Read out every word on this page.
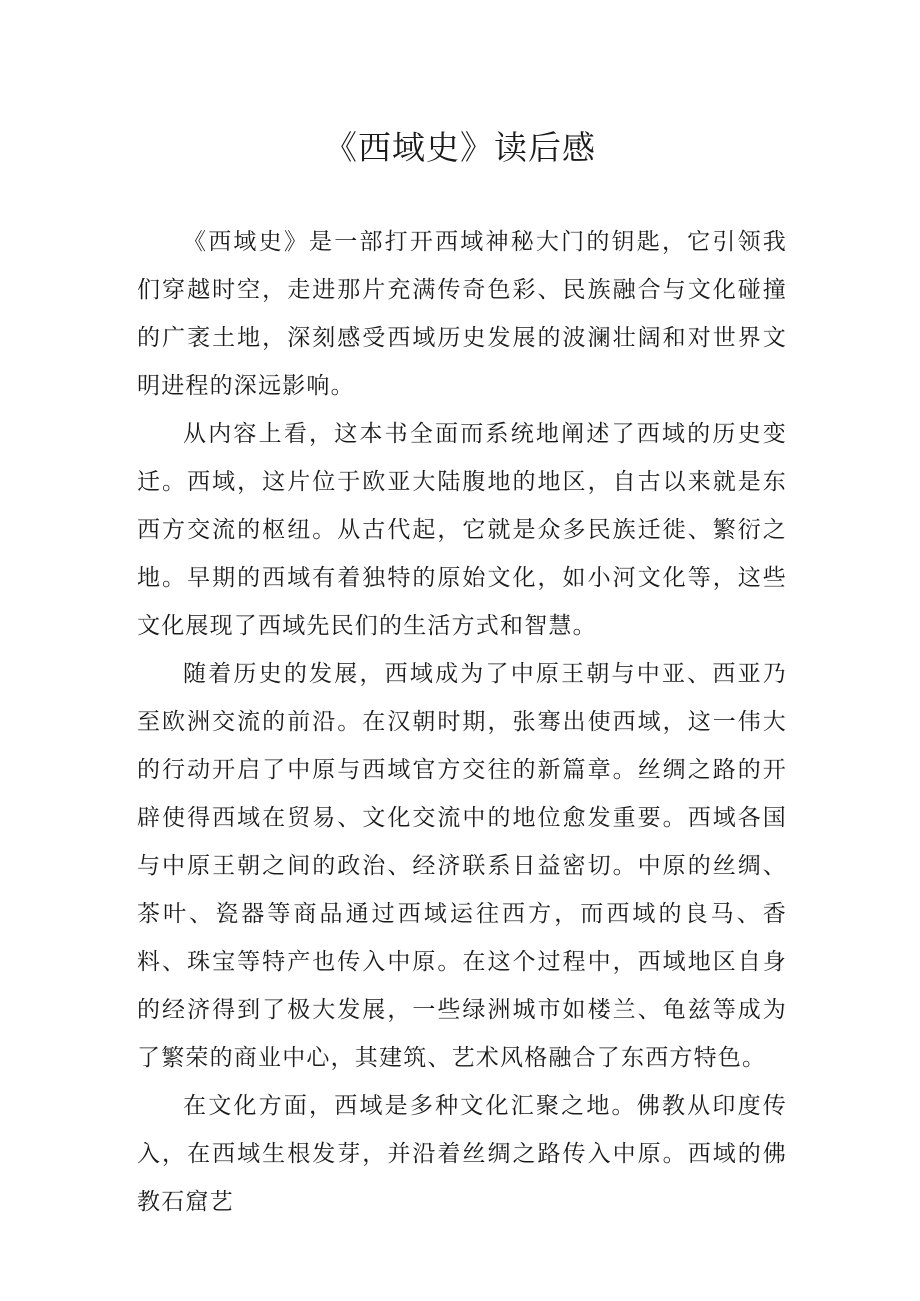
《西域史》读后感

《西域史》是一部打开西域神秘大门的钥匙，它引领我们穿越时空，走进那片充满传奇色彩、民族融合与文化碰撞的广袤土地，深刻感受西域历史发展的波澜壮阔和对世界文明进程的深远影响。

从内容上看，这本书全面而系统地阐述了西域的历史变迁。西域，这片位于欧亚大陆腹地的地区，自古以来就是东西方交流的枢纽。从古代起，它就是众多民族迁徙、繁衍之地。早期的西域有着独特的原始文化，如小河文化等，这些文化展现了西域先民们的生活方式和智慧。

随着历史的发展，西域成为了中原王朝与中亚、西亚乃至欧洲交流的前沿。在汉朝时期，张骞出使西域，这一伟大的行动开启了中原与西域官方交往的新篇章。丝绸之路的开辟使得西域在贸易、文化交流中的地位愈发重要。西域各国与中原王朝之间的政治、经济联系日益密切。中原的丝绸、茶叶、瓷器等商品通过西域运往西方，而西域的良马、香料、珠宝等特产也传入中原。在这个过程中，西域地区自身的经济得到了极大发展，一些绿洲城市如楼兰、龟兹等成为了繁荣的商业中心，其建筑、艺术风格融合了东西方特色。

在文化方面，西域是多种文化汇聚之地。佛教从印度传入，在西域生根发芽，并沿着丝绸之路传入中原。西域的佛教石窟艺
